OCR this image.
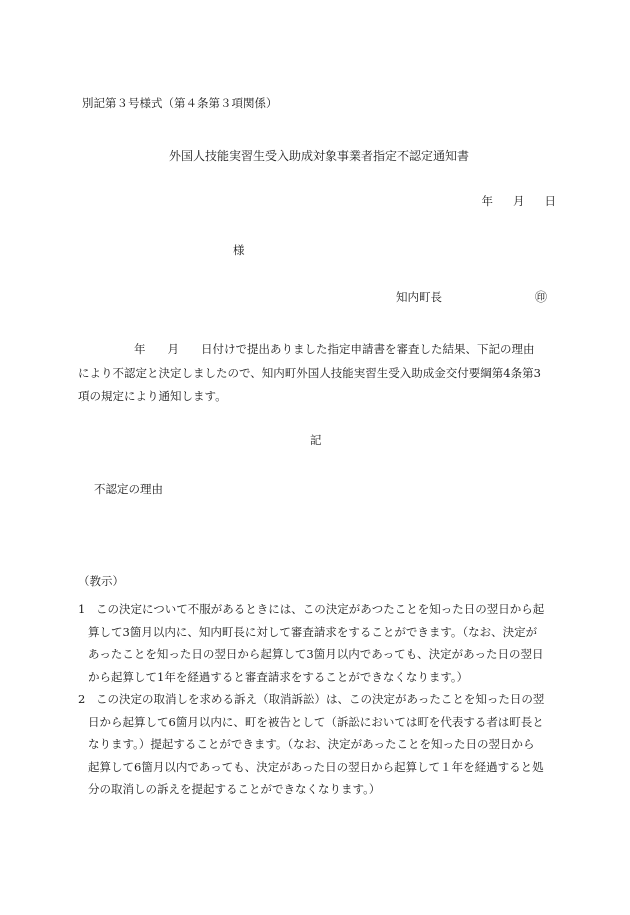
別記第３号様式（第４条第３項関係）
外国人技能実習生受入助成対象事業者指定不認定通知書
年 月 日
様
知内町長	㊞
年 月 日付けで提出ありました指定申請書を審査した結果、下記の理由
により不認定と決定しましたので、知内町外国人技能実習生受入助成金交付要綱第4条第3
項の規定により通知します。
記
不認定の理由
（教示）
1 この決定について不服があるときには、この決定があつたことを知った日の翌日から起
算して3箇月以内に、知内町長に対して審査請求をすることができます。（なお、決定が
あったことを知った日の翌日から起算して3箇月以内であっても、決定があった日の翌日
から起算して1年を経過すると審査請求をすることができなくなります。）
2 この決定の取消しを求める訴え（取消訴訟）は、この決定があったことを知った日の翌
日から起算して6箇月以内に、町を被告として（訴訟においては町を代表する者は町長と
なります。）提起することができます。（なお、決定があったことを知った日の翌日から
起算して6箇月以内であっても、決定があった日の翌日から起算して１年を経過すると処
分の取消しの訴えを提起することができなくなります。）
